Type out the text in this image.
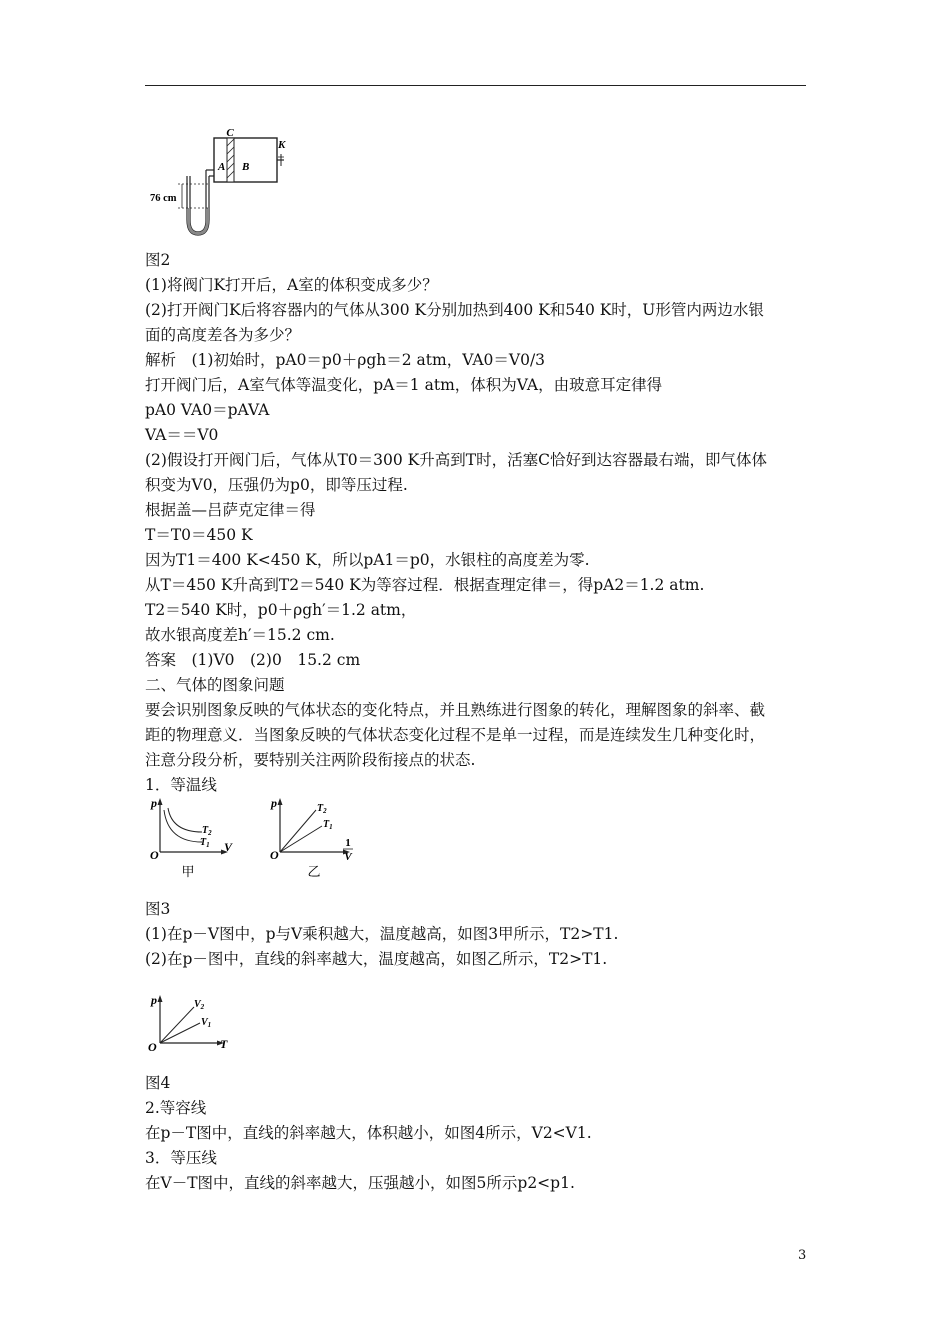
C
K
A B
76 cm
p
V
O
$T_2$
$T_1$
甲
p
O
1
V
$T_2$
$T_1$
乙
p
T
O
$V_2$
$V_1$
图2
(1)将阀门K打开后，A室的体积变成多少？
(2)打开阀门K后将容器内的气体从300 K分别加热到400 K和540 K时，U形管内两边水银
面的高度差各为多少？
解析　(1)初始时，pA0＝p0＋ρgh＝2 atm，VA0＝V0/3
打开阀门后，A室气体等温变化，pA＝1 atm，体积为VA，由玻意耳定律得
pA0 VA0＝pAVA
VA＝＝V0
(2)假设打开阀门后，气体从T0＝300 K升高到T时，活塞C恰好到达容器最右端，即气体体
积变为V0，压强仍为p0，即等压过程.
根据盖—吕萨克定律＝得
T＝T0＝450 K
因为T1＝400 K<450 K，所以pA1＝p0，水银柱的高度差为零.
从T＝450 K升高到T2＝540 K为等容过程．根据查理定律＝，得pA2＝1.2 atm.
T2＝540 K时，p0＋ρgh′＝1.2 atm，
故水银高度差h′＝15.2 cm.
答案　(1)V0　(2)0　15.2 cm
二、气体的图象问题
要会识别图象反映的气体状态的变化特点，并且熟练进行图象的转化，理解图象的斜率、截
距的物理意义．当图象反映的气体状态变化过程不是单一过程，而是连续发生几种变化时，
注意分段分析，要特别关注两阶段衔接点的状态.
1．等温线
图3
(1)在p－V图中，p与V乘积越大，温度越高，如图3甲所示，T2>T1.
(2)在p－图中，直线的斜率越大，温度越高，如图乙所示，T2>T1.
图4
2.等容线
在p－T图中，直线的斜率越大，体积越小，如图4所示，V2<V1.
3．等压线
在V－T图中，直线的斜率越大，压强越小，如图5所示p2<p1.
3
